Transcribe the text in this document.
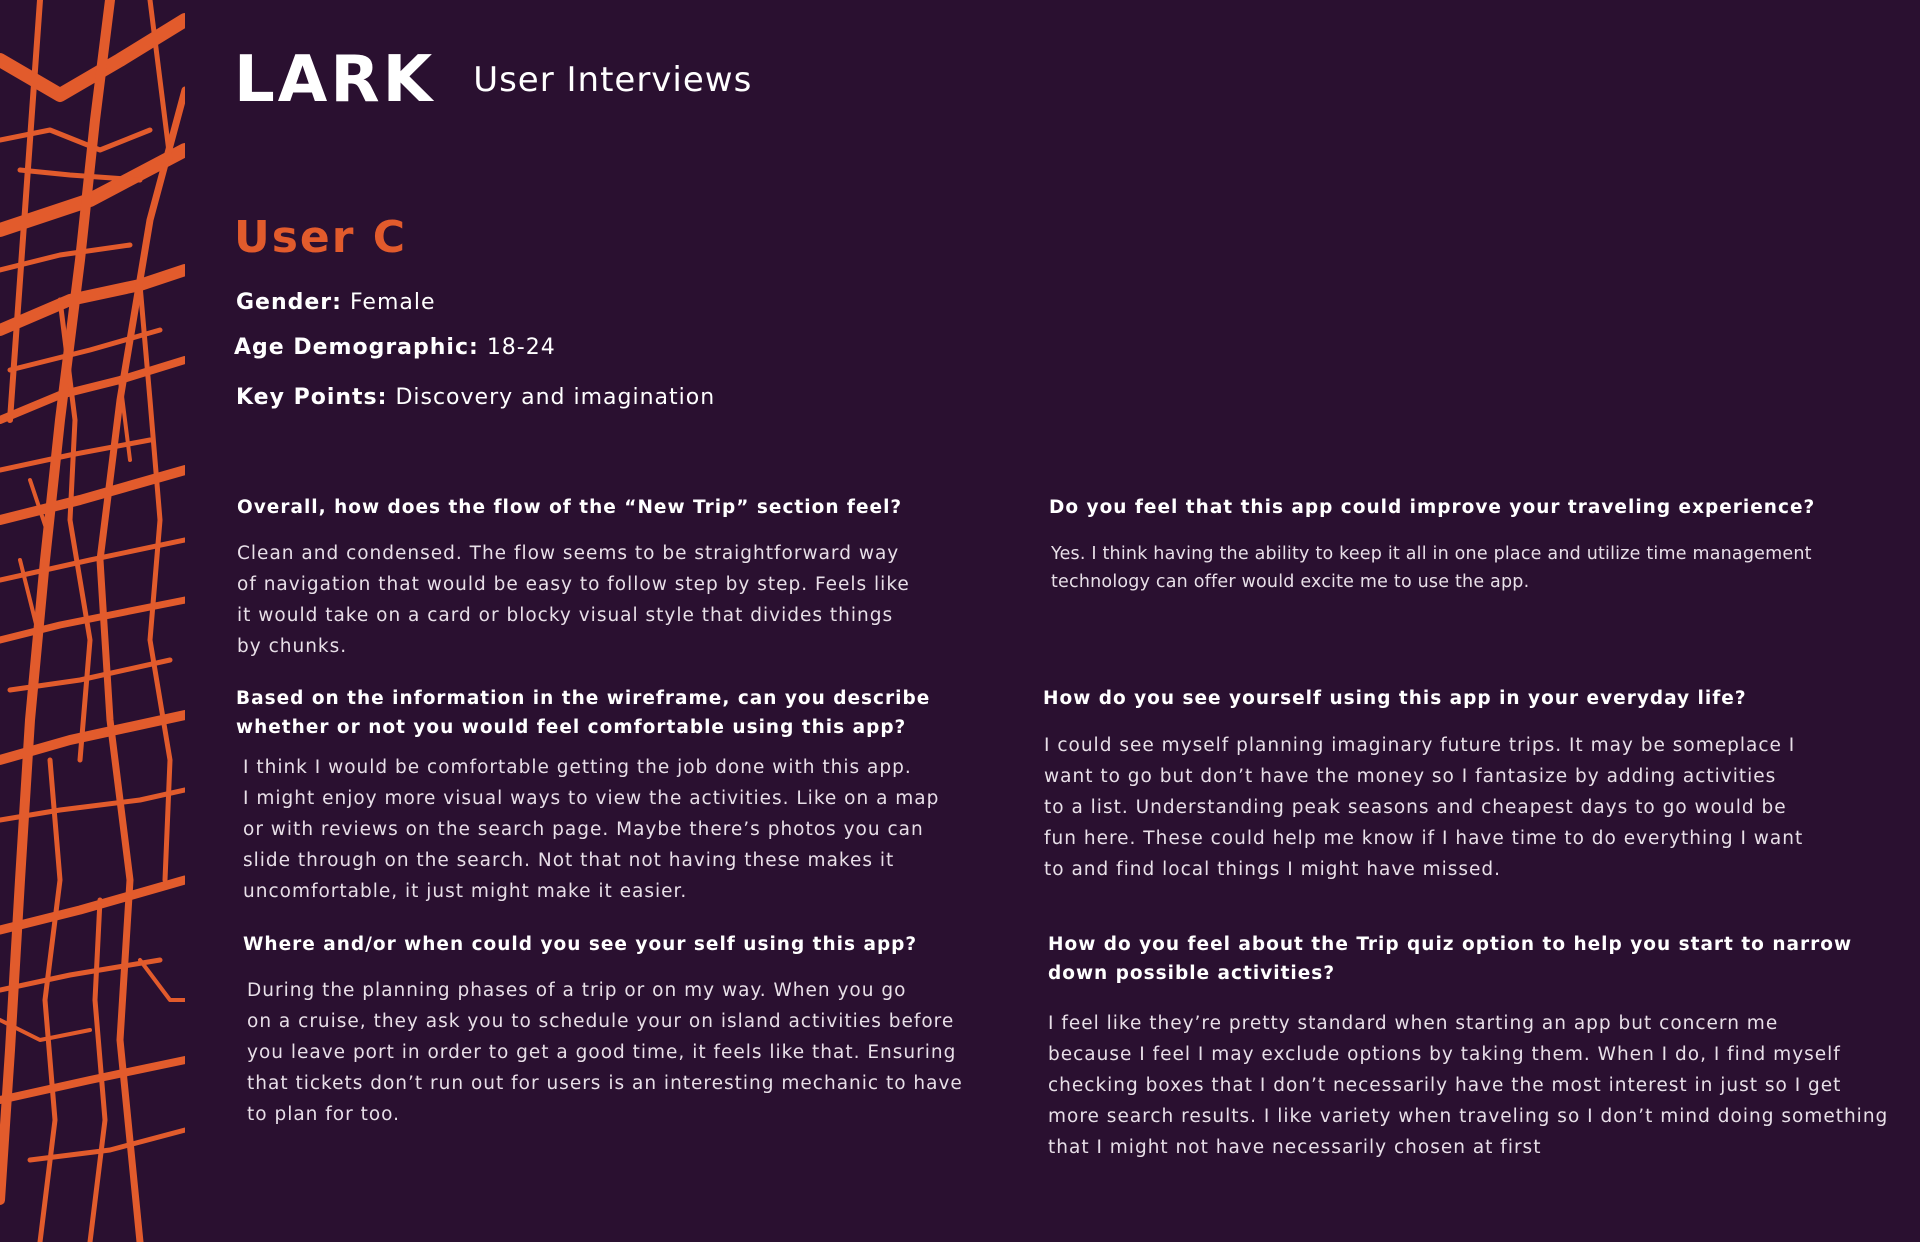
LARK User Interviews
User C
Gender: Female
Age Demographic: 18-24
Key Points: Discovery and imagination

Overall, how does the flow of the “New Trip” section feel?

Clean and condensed. The flow seems to be straightforward way
of navigation that would be easy to follow step by step. Feels like
it would take on a card or blocky visual style that divides things
by chunks.

Based on the information in the wireframe, can you describe
whether or not you would feel comfortable using this app?

I think I would be comfortable getting the job done with this app.
I might enjoy more visual ways to view the activities. Like on a map
or with reviews on the search page. Maybe there’s photos you can
slide through on the search. Not that not having these makes it
uncomfortable, it just might make it easier.

Where and/or when could you see your self using this app?

During the planning phases of a trip or on my way. When you go
on a cruise, they ask you to schedule your on island activities before
you leave port in order to get a good time, it feels like that. Ensuring
that tickets don’t run out for users is an interesting mechanic to have
to plan for too.

Do you feel that this app could improve your traveling experience?

Yes. I think having the ability to keep it all in one place and utilize time management
technology can offer would excite me to use the app.

How do you see yourself using this app in your everyday life?

I could see myself planning imaginary future trips. It may be someplace I
want to go but don’t have the money so I fantasize by adding activities
to a list. Understanding peak seasons and cheapest days to go would be
fun here. These could help me know if I have time to do everything I want
to and find local things I might have missed.

How do you feel about the Trip quiz option to help you start to narrow
down possible activities?

I feel like they’re pretty standard when starting an app but concern me
because I feel I may exclude options by taking them. When I do, I find myself
checking boxes that I don’t necessarily have the most interest in just so I get
more search results. I like variety when traveling so I don’t mind doing something
that I might not have necessarily chosen at first
